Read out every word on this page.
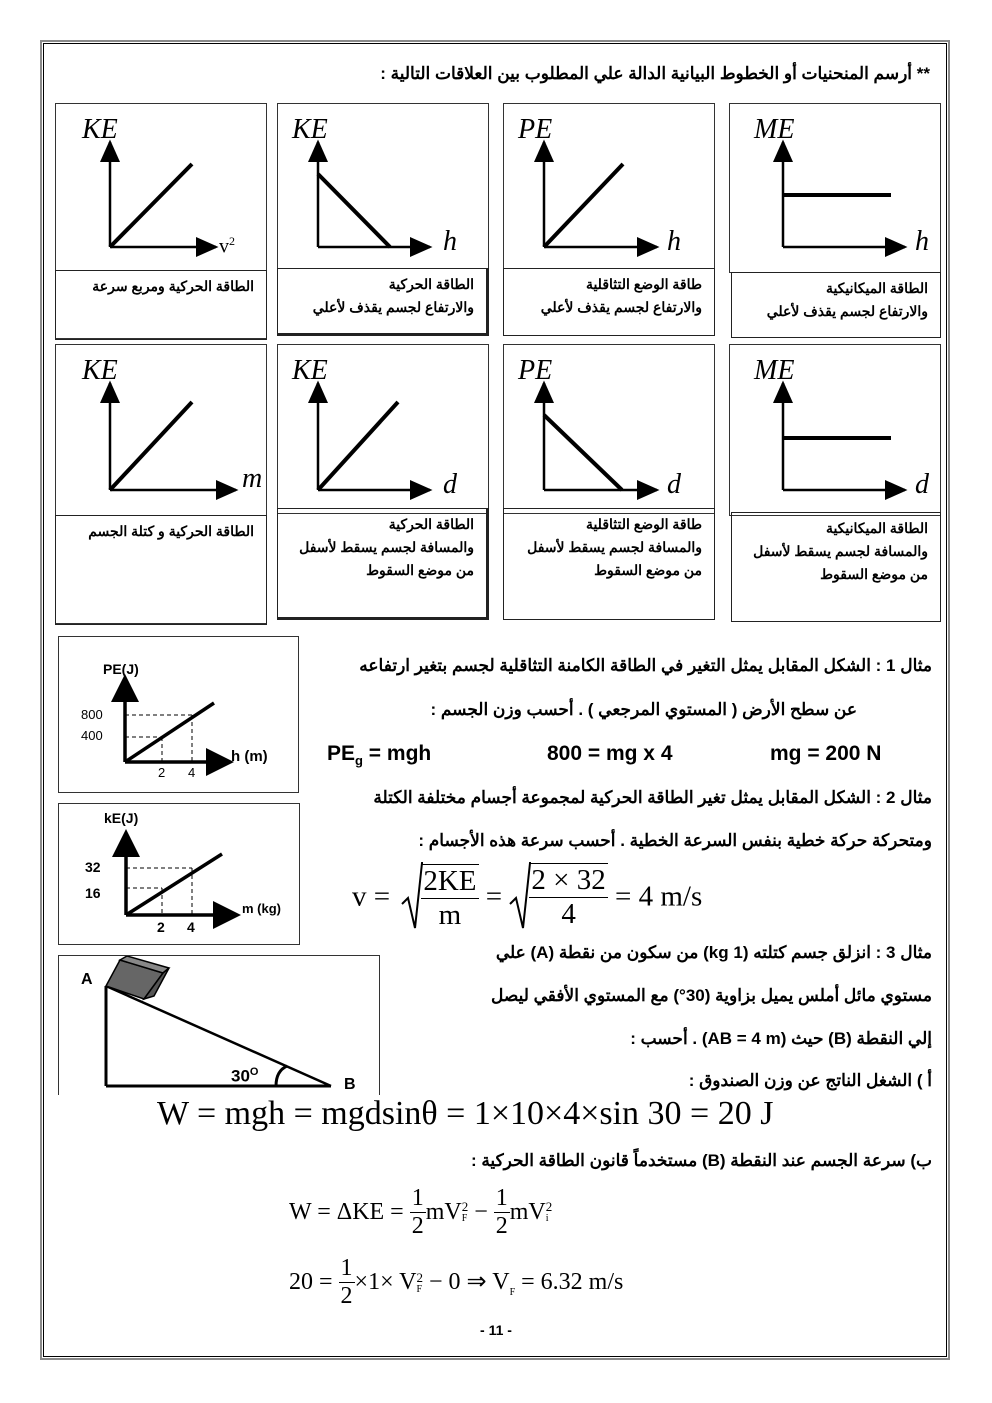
** أرسم المنحنيات أو الخطوط البيانية الدالة علي المطلوب بين العلاقات التالية :
KE
$v^2$
الطاقة الحركية ومربع سرعة
KE
h
الطاقة الحركية
والارتفاع لجسم يقذف لأعلي
PE
h
طاقة الوضع التثاقلية
والارتفاع لجسم يقذف لأعلي
ME
h
الطاقة الميكانيكية
والارتفاع لجسم يقذف لأعلي
KE
m
الطاقة الحركية و كتلة الجسم
KE
d
الطاقة الحركية
والمسافة لجسم يسقط لأسفل
من موضع السقوط
PE
d
طاقة الوضع التثاقلية
والمسافة لجسم يسقط لأسفل
من موضع السقوط
ME
d
الطاقة الميكانيكية
والمسافة لجسم يسقط لأسفل
من موضع السقوط
PE(J)
800
400
2 4
h (m)
مثال 1 : الشكل المقابل يمثل التغير في الطاقة الكامنة التثاقلية لجسم بتغير ارتفاعه
عن سطح الأرض ( المستوي المرجعي ) . أحسب وزن الجسم :
$PE_g$ = mgh	800 = mg x 4	mg = 200 N
kE(J)
32
16
2 4
m (kg)
مثال 2 : الشكل المقابل يمثل تغير الطاقة الحركية لمجموعة أجسام مختلفة الكتلة
ومتحركة حركة خطية بنفس السرعة الخطية . أحسب سرعة هذه الأجسام :
$v = \frac{2KE}{m} = \frac{2 \times 32}{4} = 4$ m/s
A
B
$30^O$
مثال 3 : انزلق جسم كتلته (1 kg) من سكون من نقطة (A) علي
مستوي مائل أملس يميل بزاوية (30°) مع المستوي الأفقي ليصل
إلي النقطة (B) حيث (AB = 4 m) . أحسب :
أ ) الشغل الناتج عن وزن الصندوق :
W = mgh = mgdsinθ = 1×10×4×sin 30 = 20 J
ب) سرعة الجسم عند النقطة (B) مستخدماً قانون الطاقة الحركية :
$W = \Delta KE = \frac{1}{2}$ mV 2
$F - \frac{1}{2}$ mV 2
i
$20 = \frac{1}{2} \times 1\times V$ 2
F − 0 ⇒ $V_F = 6.32$ m/s
- 11 -
